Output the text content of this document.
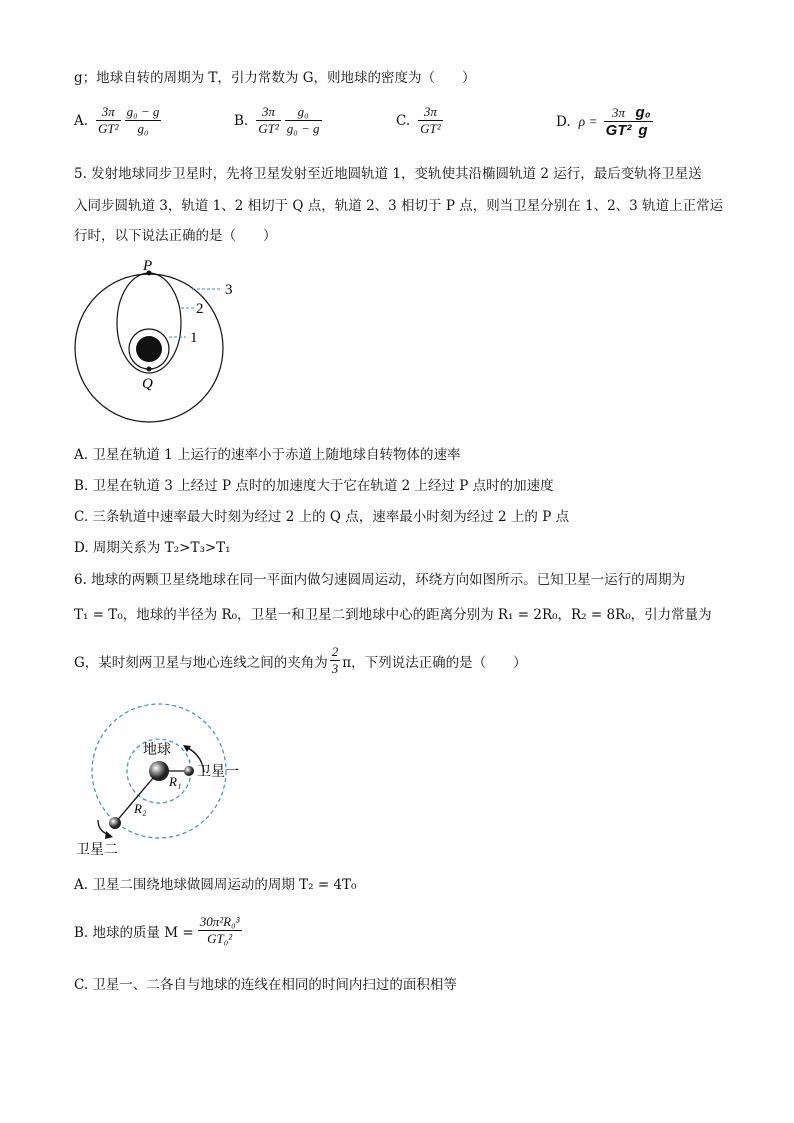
g；地球自转的周期为 T，引力常数为 G，则地球的密度为（　　）
A. $\frac{3\pi}{\text{GT²}} \frac{\text{g₀ − g}}{\text{g₀}}$	B. $\frac{3\pi}{\text{GT²}} \frac{\text{g₀}}{\text{g₀ − g}}$	C. $\frac{3\pi}{\text{GT²}}$	D. $\rho = \frac{3\pi}{\text{GT²}} \frac{\text{g₀}}{g}$
5. 发射地球同步卫星时，先将卫星发射至近地圆轨道 1，变轨使其沿椭圆轨道 2 运行，最后变轨将卫星送
入同步圆轨道 3，轨道 1、2 相切于 Q 点，轨道 2、3 相切于 P 点，则当卫星分别在 1、2、3 轨道上正常运
行时，以下说法正确的是（　　）
P
Q
3
2
1
A. 卫星在轨道 1 上运行的速率小于赤道上随地球自转物体的速率
B. 卫星在轨道 3 上经过 P 点时的加速度大于它在轨道 2 上经过 P 点时的加速度
C. 三条轨道中速率最大时刻为经过 2 上的 Q 点，速率最小时刻为经过 2 上的 P 点
D. 周期关系为 T₂>T₃>T₁
6. 地球的两颗卫星绕地球在同一平面内做匀速圆周运动，环绕方向如图所示。已知卫星一运行的周期为
T₁ = T₀，地球的半径为 R₀，卫星一和卫星二到地球中心的距离分别为 R₁ = 2R₀，R₂ = 8R₀，引力常量为
G，某时刻两卫星与地心连线之间的夹角为 $\frac{2}{3}$ π，下列说法正确的是（　　）
地球
卫星一
卫星二
R₁
R₂
A. 卫星二围绕地球做圆周运动的周期 T₂ = 4T₀
B. 地球的质量 $M = \frac{\text{30π²R₀³}}{\text{GT₀²}}$
C. 卫星一、二各自与地球的连线在相同的时间内扫过的面积相等
